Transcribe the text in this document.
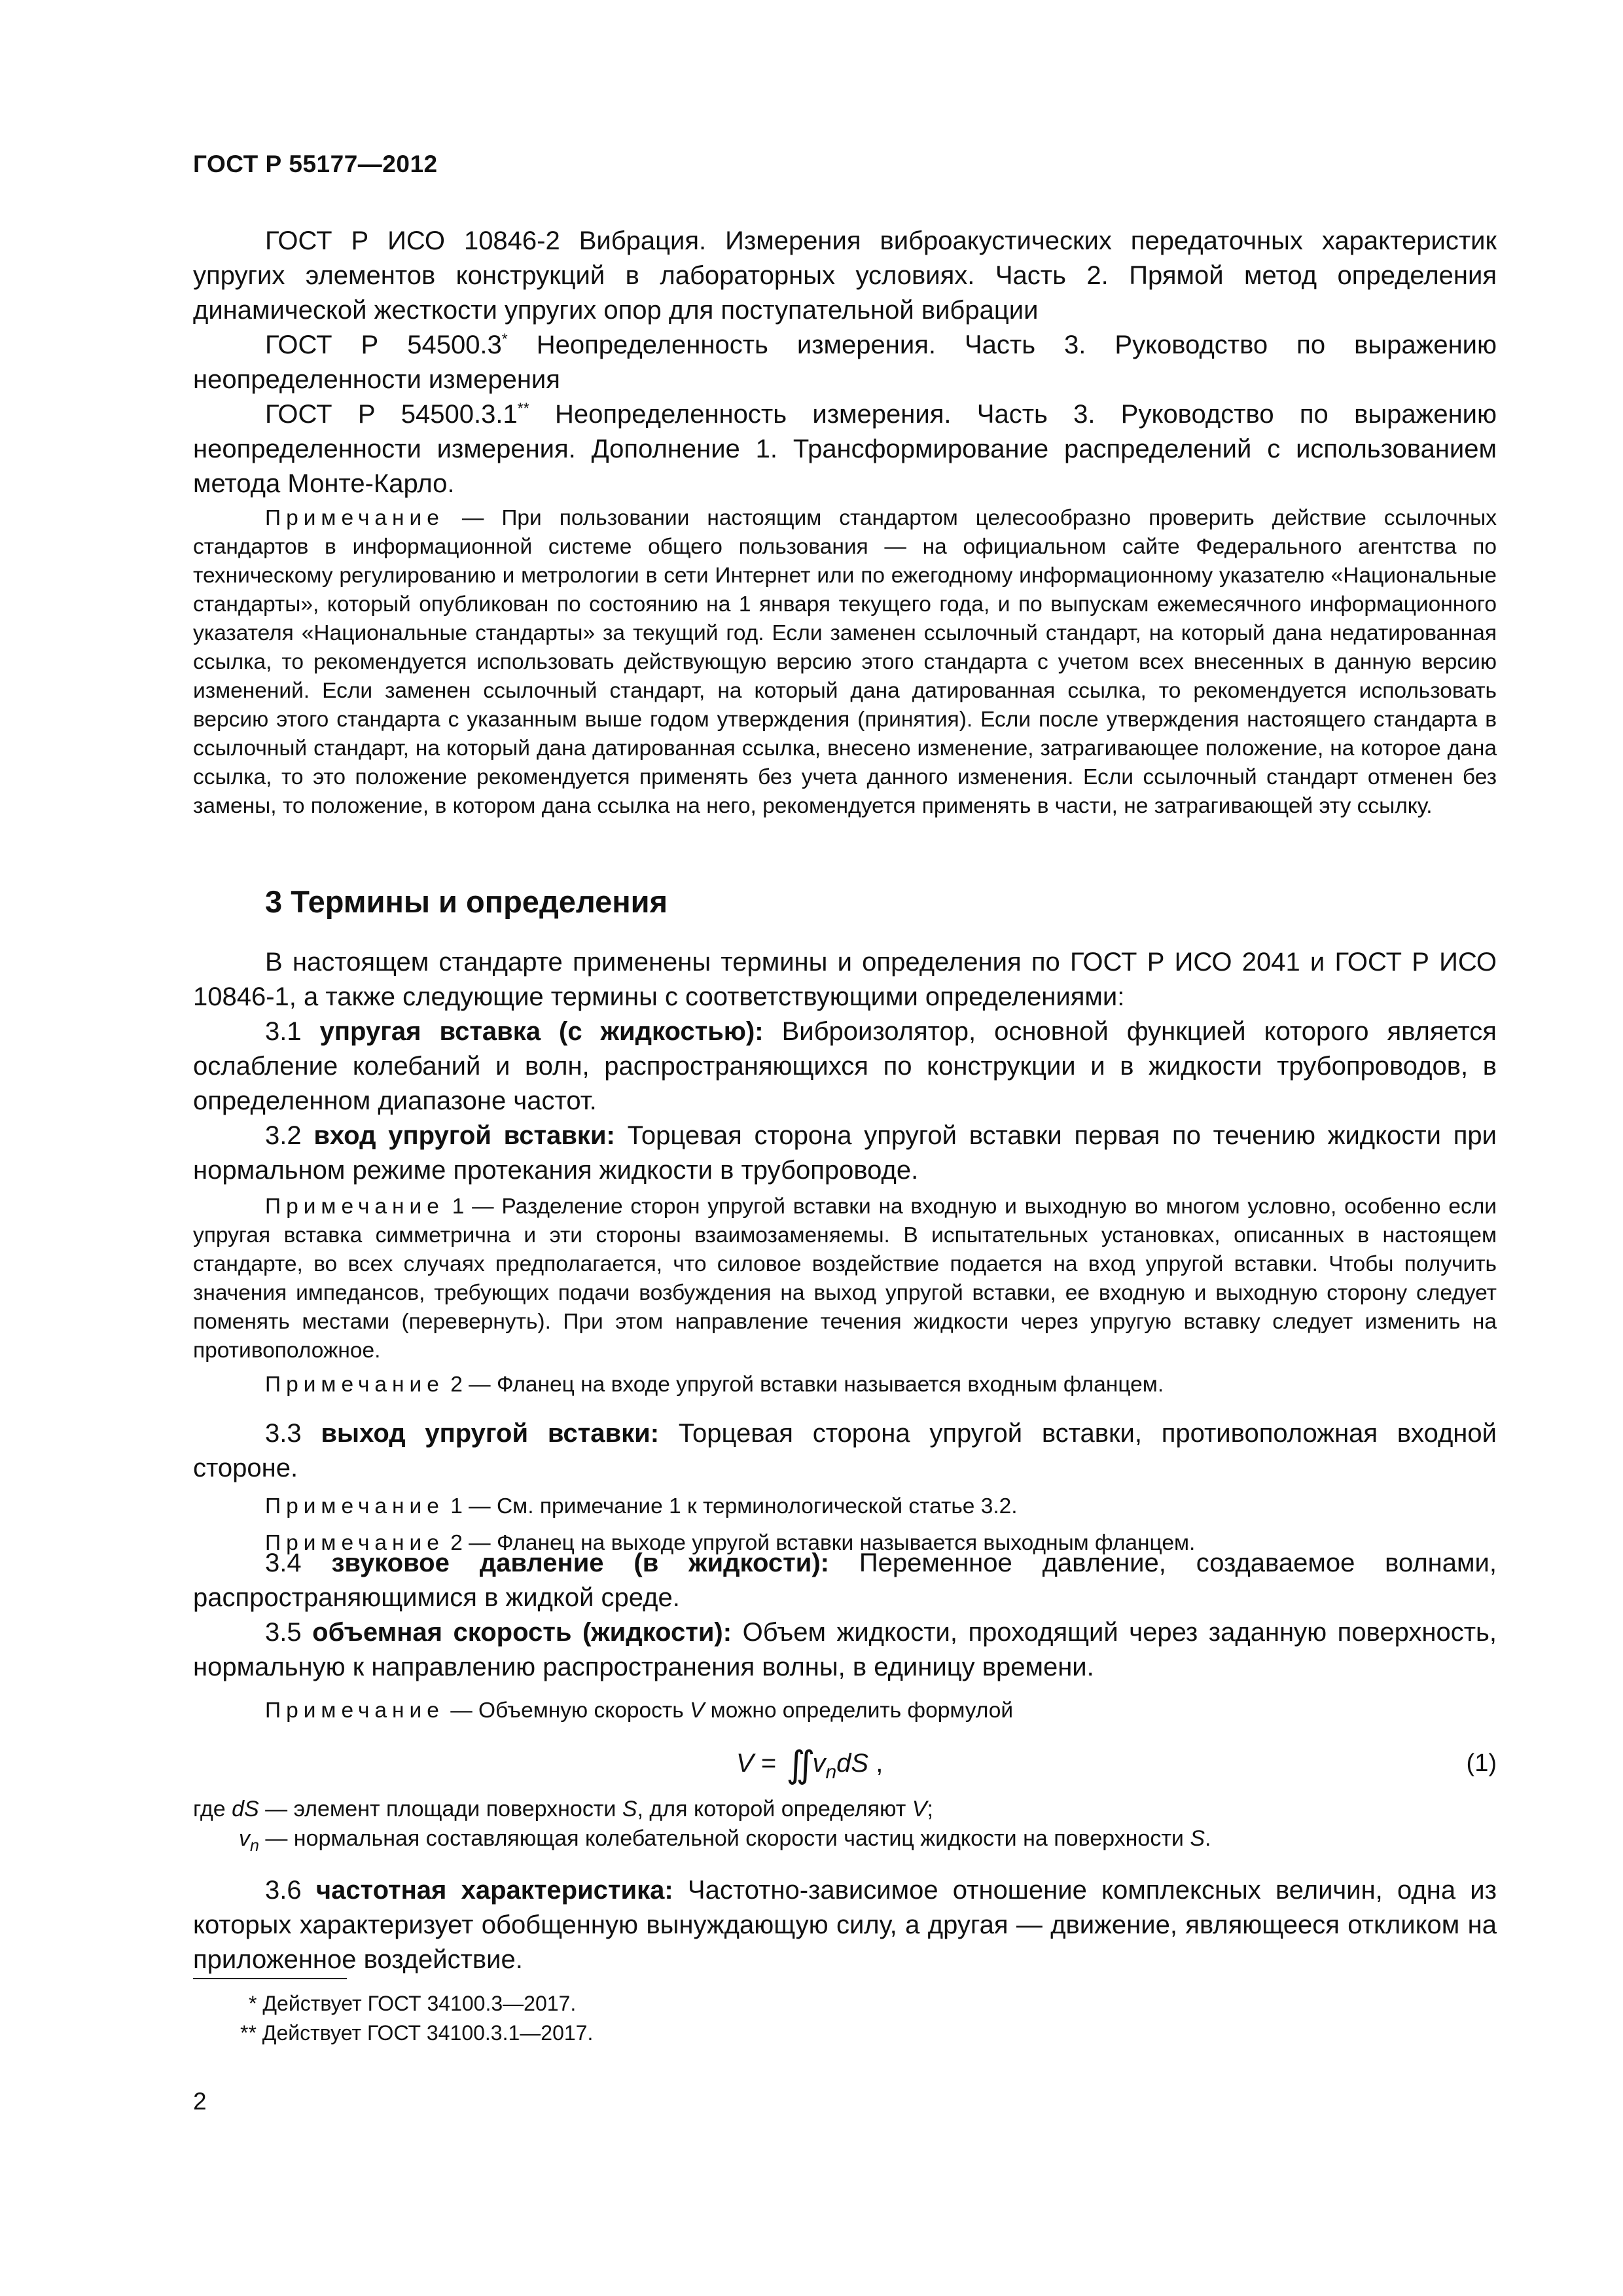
ГОСТ Р 55177—2012

ГОСТ Р ИСО 10846-2 Вибрация. Измерения виброакустических передаточных характеристик упругих элементов конструкций в лабораторных условиях. Часть 2. Прямой метод определения динамической жесткости упругих опор для поступательной вибрации

ГОСТ Р 54500.3* Неопределенность измерения. Часть 3. Руководство по выражению неопределенности измерения

ГОСТ Р 54500.3.1** Неопределенность измерения. Часть 3. Руководство по выражению неопределенности измерения. Дополнение 1. Трансформирование распределений с использованием метода Монте-Карло.

Примечание — При пользовании настоящим стандартом целесообразно проверить действие ссылочных стандартов в информационной системе общего пользования — на официальном сайте Федерального агентства по техническому регулированию и метрологии в сети Интернет или по ежегодному информационному указателю «Национальные стандарты», который опубликован по состоянию на 1 января текущего года, и по выпускам ежемесячного информационного указателя «Национальные стандарты» за текущий год. Если заменен ссылочный стандарт, на который дана недатированная ссылка, то рекомендуется использовать действующую версию этого стандарта с учетом всех внесенных в данную версию изменений. Если заменен ссылочный стандарт, на который дана датированная ссылка, то рекомендуется использовать версию этого стандарта с указанным выше годом утверждения (принятия). Если после утверждения настоящего стандарта в ссылочный стандарт, на который дана датированная ссылка, внесено изменение, затрагивающее положение, на которое дана ссылка, то это положение рекомендуется применять без учета данного изменения. Если ссылочный стандарт отменен без замены, то положение, в котором дана ссылка на него, рекомендуется применять в части, не затрагивающей эту ссылку.

3 Термины и определения

В настоящем стандарте применены термины и определения по ГОСТ Р ИСО 2041 и ГОСТ Р ИСО 10846-1, а также следующие термины с соответствующими определениями:

3.1 упругая вставка (с жидкостью): Виброизолятор, основной функцией которого является ослабление колебаний и волн, распространяющихся по конструкции и в жидкости трубопроводов, в определенном диапазоне частот.

3.2 вход упругой вставки: Торцевая сторона упругой вставки первая по течению жидкости при нормальном режиме протекания жидкости в трубопроводе.

Примечание 1 — Разделение сторон упругой вставки на входную и выходную во многом условно, особенно если упругая вставка симметрична и эти стороны взаимозаменяемы. В испытательных установках, описанных в настоящем стандарте, во всех случаях предполагается, что силовое воздействие подается на вход упругой вставки. Чтобы получить значения импедансов, требующих подачи возбуждения на выход упругой вставки, ее входную и выходную сторону следует поменять местами (перевернуть). При этом направление течения жидкости через упругую вставку следует изменить на противоположное.

Примечание 2 — Фланец на входе упругой вставки называется входным фланцем.

3.3 выход упругой вставки: Торцевая сторона упругой вставки, противоположная входной стороне.

Примечание 1 — См. примечание 1 к терминологической статье 3.2.

Примечание 2 — Фланец на выходе упругой вставки называется выходным фланцем.

3.4 звуковое давление (в жидкости): Переменное давление, создаваемое волнами, распространяющимися в жидкой среде.

3.5 объемная скорость (жидкости): Объем жидкости, проходящий через заданную поверхность, нормальную к направлению распространения волны, в единицу времени.

Примечание — Объемную скорость V можно определить формулой

V = ∬ $v_ndS$ ,	(1)

где dS — элемент площади поверхности S, для которой определяют V;

$v_n$ — нормальная составляющая колебательной скорости частиц жидкости на поверхности S.

3.6 частотная характеристика: Частотно-зависимое отношение комплексных величин, одна из которых характеризует обобщенную вынуждающую силу, а другая — движение, являющееся откликом на приложенное воздействие.

* Действует ГОСТ 34100.3—2017.
** Действует ГОСТ 34100.3.1—2017.
2
